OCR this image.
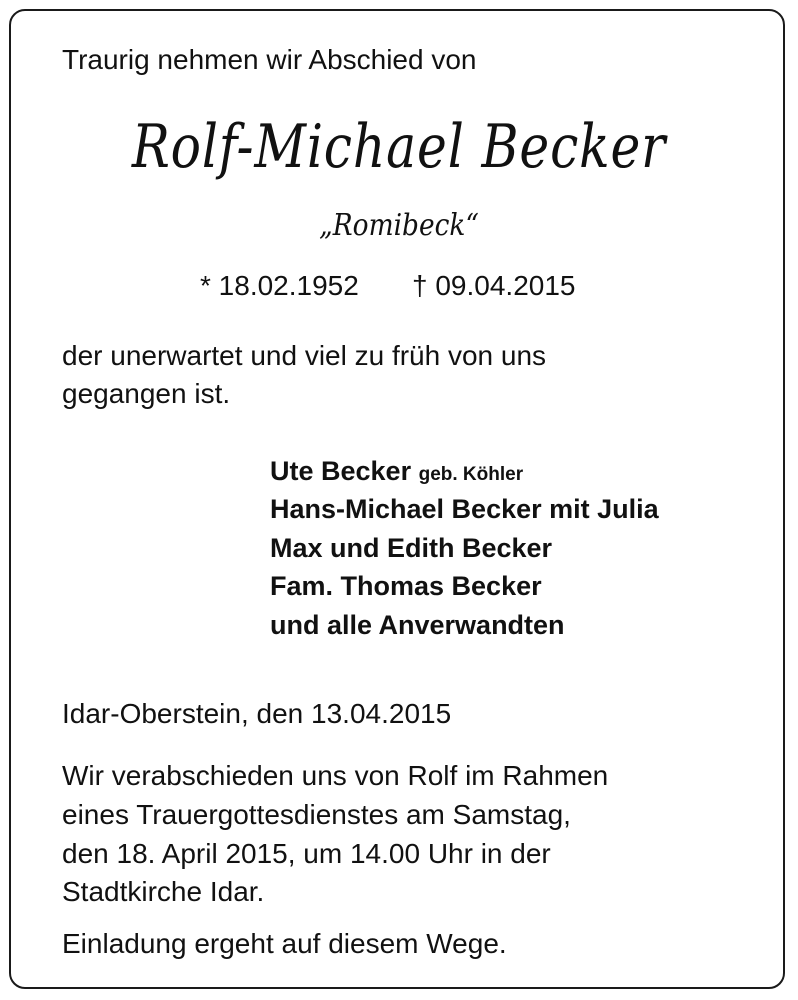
Traurig nehmen wir Abschied von

Rolf-Michael Becker

„Romibeck“

* 18.02.1952 † 09.04.2015

der unerwartet und viel zu früh von uns

gegangen ist.

Ute Becker geb. Köhler

Hans-Michael Becker mit Julia

Max und Edith Becker

Fam. Thomas Becker

und alle Anverwandten

Idar-Oberstein, den 13.04.2015

Wir verabschieden uns von Rolf im Rahmen

eines Trauergottesdienstes am Samstag,

den 18. April 2015, um 14.00 Uhr in der

Stadtkirche Idar.

Einladung ergeht auf diesem Wege.
